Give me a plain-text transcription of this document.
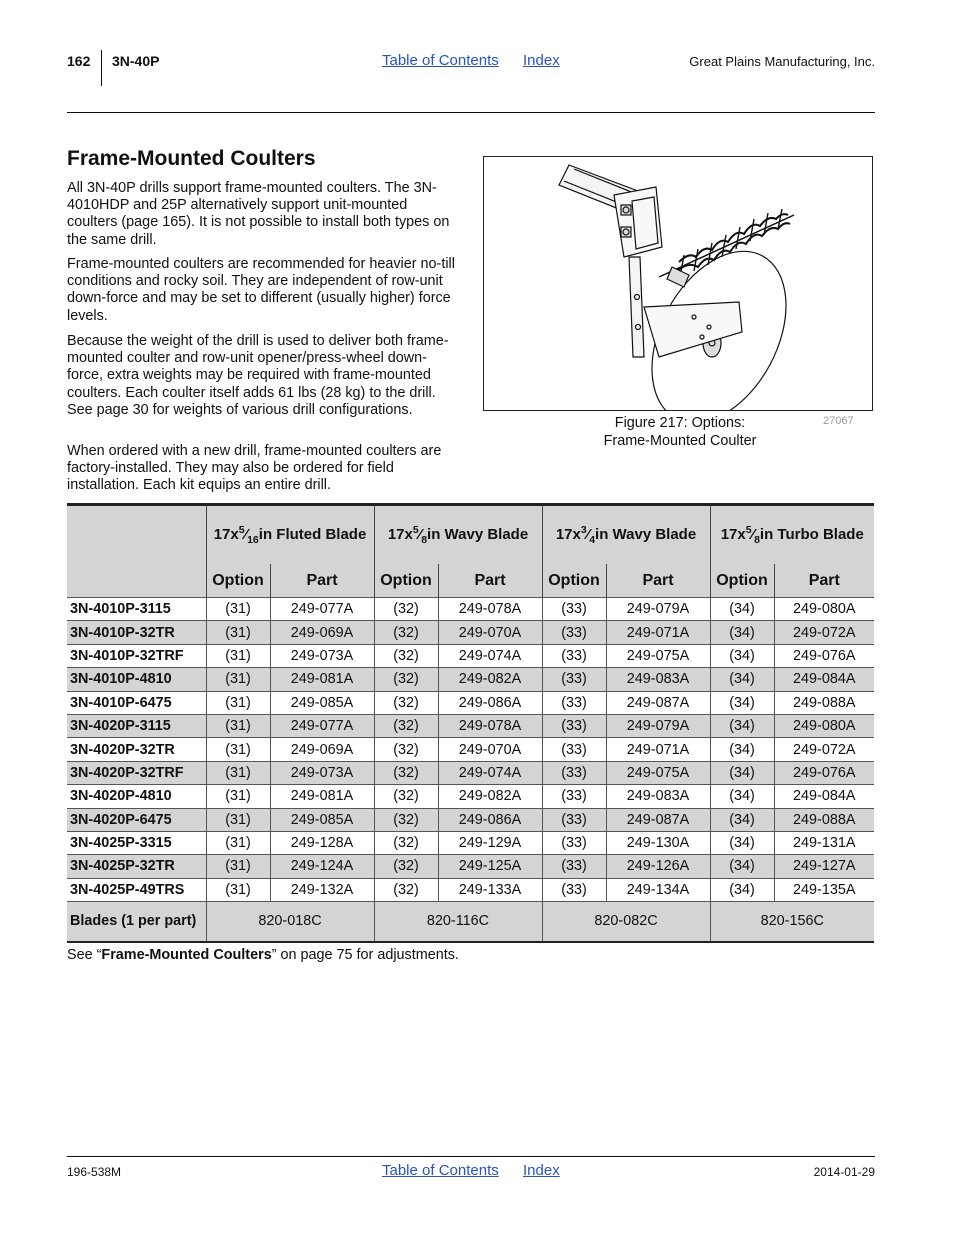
162 3N-40P	Table of Contents Index	Great Plains Manufacturing, Inc.
Frame-Mounted Coulters
All 3N-40P drills support frame-mounted coulters. The 3N-4010HDP and 25P alternatively support unit-mounted coulters (page 165). It is not possible to install both types on the same drill.
Frame-mounted coulters are recommended for heavier no-till conditions and rocky soil. They are independent of row-unit down-force and may be set to different (usually higher) force levels.
Because the weight of the drill is used to deliver both frame-mounted coulter and row-unit opener/press-wheel down-force, extra weights may be required with frame-mounted coulters. Each coulter itself adds 61 lbs (28 kg) to the drill. See page 30 for weights of various drill configurations.
When ordered with a new drill, frame-mounted coulters are factory-installed. They may also be ordered for field installation. Each kit equips an entire drill.
Figure 217: Options:
Frame-Mounted Coulter
27067
	$17x^5⁄_{16}in$ Fluted Blade		$17x^5⁄_8in$ Wavy Blade		$17x^3⁄_4in$ Wavy Blade		$17x^5⁄_8in$ Turbo Blade	
	Option	Part	Option	Part	Option	Part	Option	Part
3N-4010P-3115	(31)	249-077A	(32)	249-078A	(33)	249-079A	(34)	249-080A
3N-4010P-32TR	(31)	249-069A	(32)	249-070A	(33)	249-071A	(34)	249-072A
3N-4010P-32TRF	(31)	249-073A	(32)	249-074A	(33)	249-075A	(34)	249-076A
3N-4010P-4810	(31)	249-081A	(32)	249-082A	(33)	249-083A	(34)	249-084A
3N-4010P-6475	(31)	249-085A	(32)	249-086A	(33)	249-087A	(34)	249-088A
3N-4020P-3115	(31)	249-077A	(32)	249-078A	(33)	249-079A	(34)	249-080A
3N-4020P-32TR	(31)	249-069A	(32)	249-070A	(33)	249-071A	(34)	249-072A
3N-4020P-32TRF	(31)	249-073A	(32)	249-074A	(33)	249-075A	(34)	249-076A
3N-4020P-4810	(31)	249-081A	(32)	249-082A	(33)	249-083A	(34)	249-084A
3N-4020P-6475	(31)	249-085A	(32)	249-086A	(33)	249-087A	(34)	249-088A
3N-4025P-3315	(31)	249-128A	(32)	249-129A	(33)	249-130A	(34)	249-131A
3N-4025P-32TR	(31)	249-124A	(32)	249-125A	(33)	249-126A	(34)	249-127A
3N-4025P-49TRS	(31)	249-132A	(32)	249-133A	(33)	249-134A	(34)	249-135A
Blades (1 per part)	820-018C		820-116C		820-082C		820-156C	
See “Frame-Mounted Coulters” on page 75 for adjustments.
196-538M	Table of Contents Index	2014-01-29
